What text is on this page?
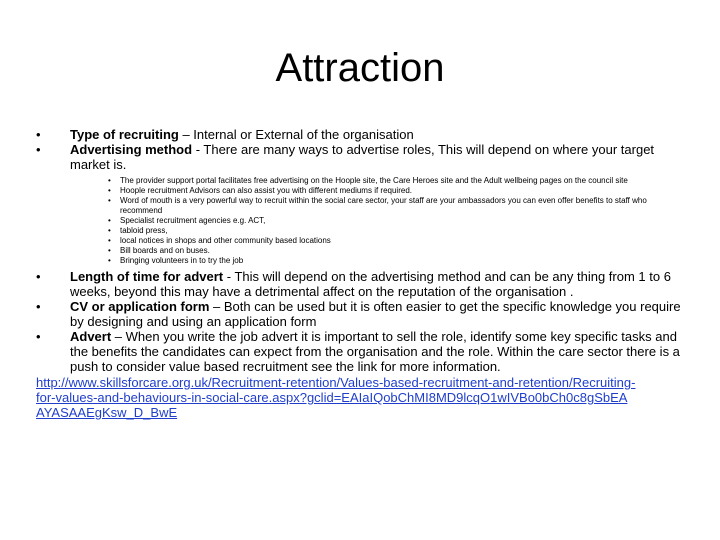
Attraction
• Type of recruiting – Internal or External of the organisation
• Advertising method - There are many ways to advertise roles, This will depend on where your target market is.
• The provider support portal facilitates free advertising on the Hoople site, the Care Heroes site and the Adult wellbeing pages on the council site
• Hoople recruitment Advisors can also assist you with different mediums if required.
• Word of mouth is a very powerful way to recruit within the social care sector, your staff are your ambassadors you can even offer benefits to staff who recommend
• Specialist recruitment agencies e.g. ACT,
• tabloid press,
• local notices in shops and other community based locations
• Bill boards and on buses.
• Bringing volunteers in to try the job
• Length of time for advert - This will depend on the advertising method and can be any thing from 1 to 6 weeks, beyond this may have a detrimental affect on the reputation of the organisation .
• CV or application form – Both can be used but it is often easier to get the specific knowledge you require by designing and using an application form
• Advert – When you write the job advert it is important to sell the role, identify some key specific tasks and the benefits the candidates can expect from the organisation and the role. Within the care sector there is a push to consider value based recruitment see the link for more information.
http://www.skillsforcare.org.uk/Recruitment-retention/Values-based-recruitment-and-retention/Recruiting-for-values-and-behaviours-in-social-care.aspx?gclid=EAIaIQobChMI8MD9lcqO1wIVBo0bCh0c8gSbEAAYASAAEgKsw_D_BwE
